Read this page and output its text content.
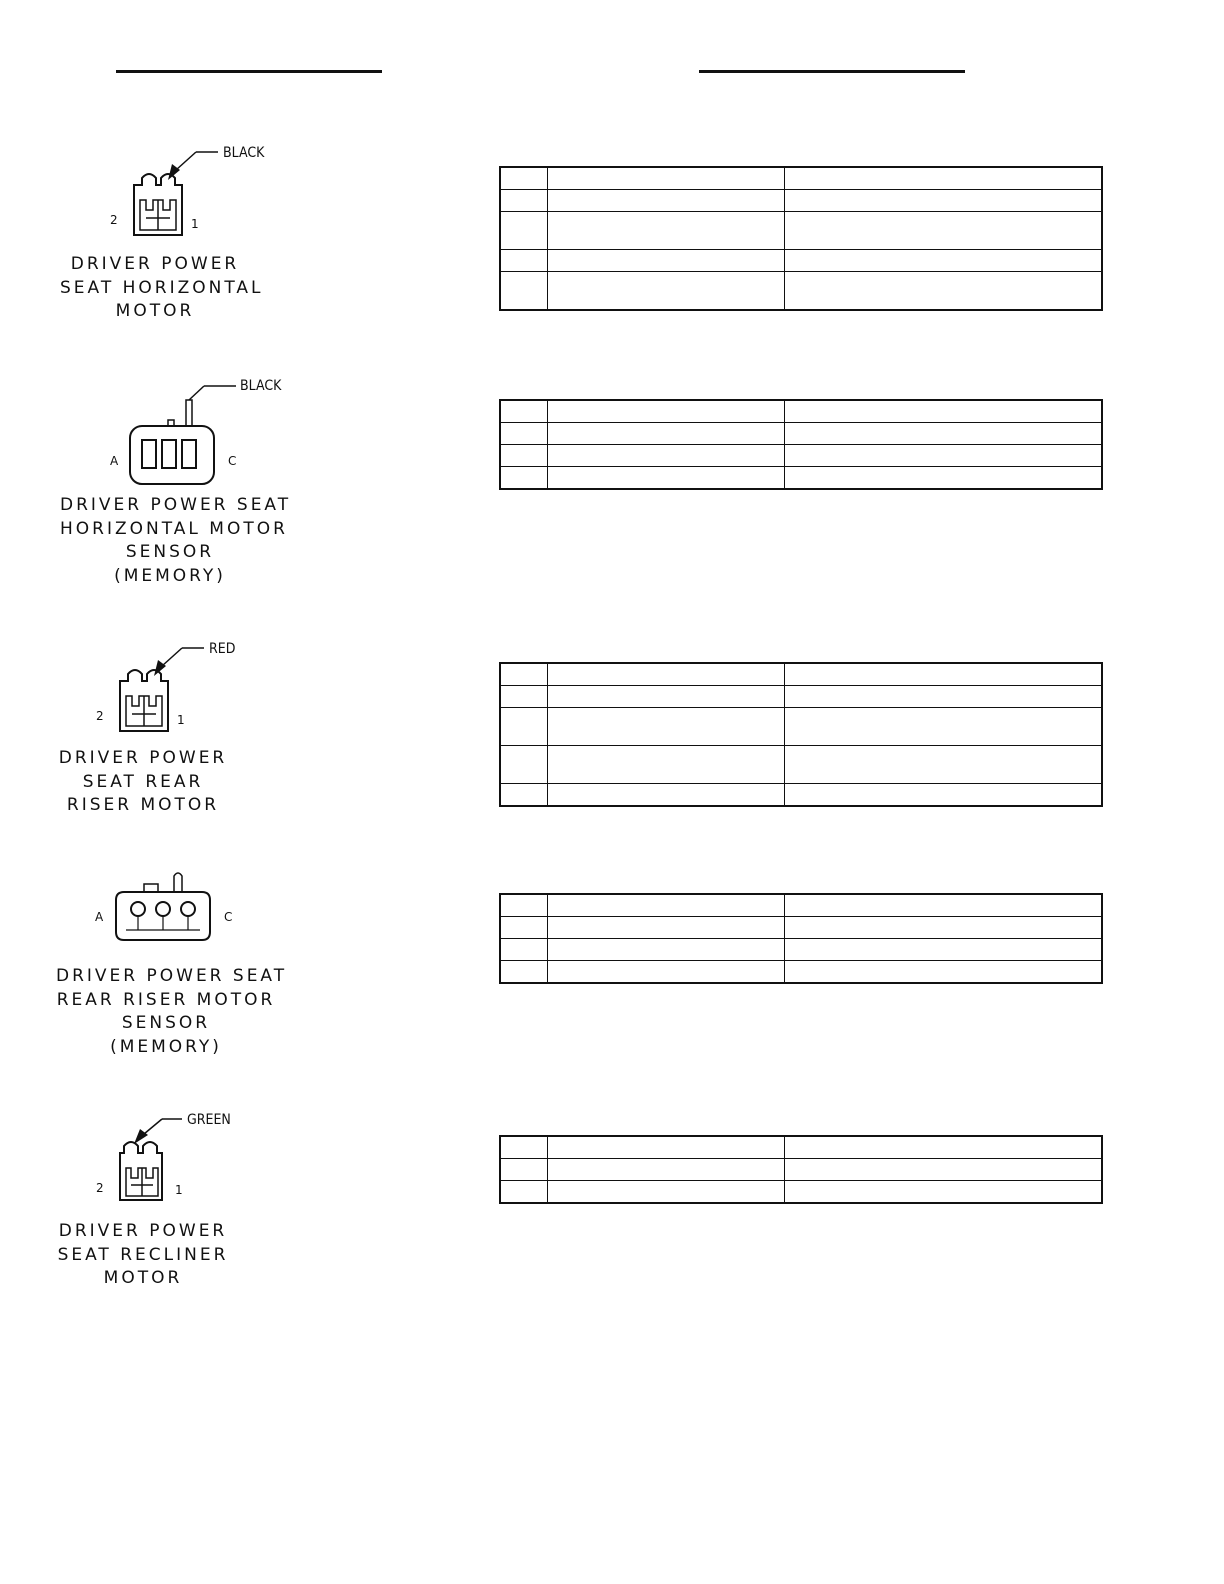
BLACK
2	1
DRIVER POWER
SEAT HORIZONTAL
MOTOR

BLACK
A	C
DRIVER POWER SEAT
HORIZONTAL MOTOR
SENSOR
(MEMORY)

RED
2	1
DRIVER POWER
SEAT REAR
RISER MOTOR

A	C
DRIVER POWER SEAT
REAR RISER MOTOR
SENSOR
(MEMORY)

GREEN
2	1
DRIVER POWER
SEAT RECLINER
MOTOR
